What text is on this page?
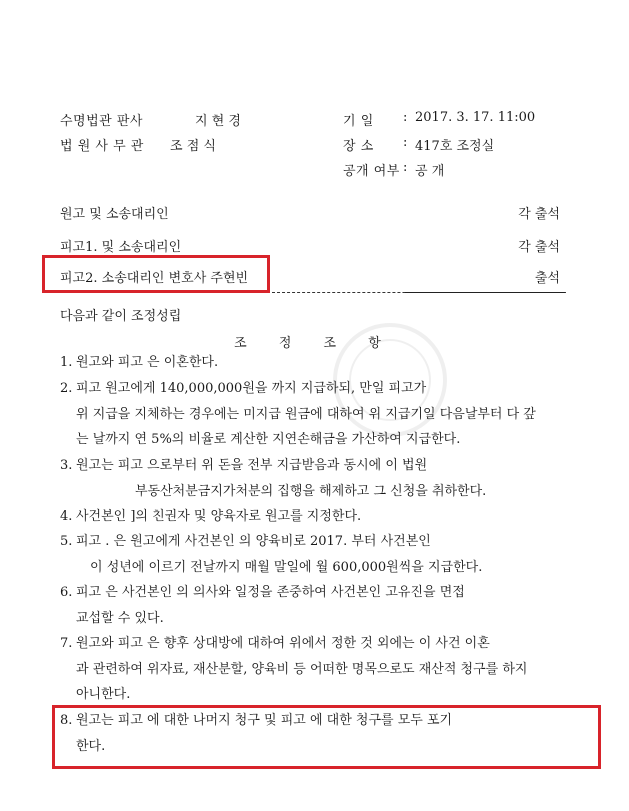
수명법관 판사	지 현 경	기 일 : 2017. 3. 17. 11:00
법 원 사 무 관 조 점 식	장 소 : 417호 조정실
공개 여부 : 공 개
원고 및 소송대리인	각 출석
피고1. 및 소송대리인	각 출석
피고2. 소송대리인 변호사 주현빈	출석
다음과 같이 조정성립
조 정 조 항
1. 원고와 피고 은 이혼한다.
2. 피고 원고에게 140,000,000원을 까지 지급하되, 만일 피고가
위 지급을 지체하는 경우에는 미지급 원금에 대하여 위 지급기일 다음날부터 다 갚
는 날까지 연 5%의 비율로 계산한 지연손해금을 가산하여 지급한다.
3. 원고는 피고 으로부터 위 돈을 전부 지급받음과 동시에 이 법원
부동산처분금지가처분의 집행을 해제하고 그 신청을 취하한다.
4. 사건본인 ]의 친권자 및 양육자로 원고를 지정한다.
5. 피고 . 은 원고에게 사건본인 의 양육비로 2017. 부터 사건본인
이 성년에 이르기 전날까지 매월 말일에 월 600,000원씩을 지급한다.
6. 피고 은 사건본인 의 의사와 일정을 존중하여 사건본인 고유진을 면접
교섭할 수 있다.
7. 원고와 피고 은 향후 상대방에 대하여 위에서 정한 것 외에는 이 사건 이혼
과 관련하여 위자료, 재산분할, 양육비 등 어떠한 명목으로도 재산적 청구를 하지
아니한다.
8. 원고는 피고 에 대한 나머지 청구 및 피고 에 대한 청구를 모두 포기
한다.
